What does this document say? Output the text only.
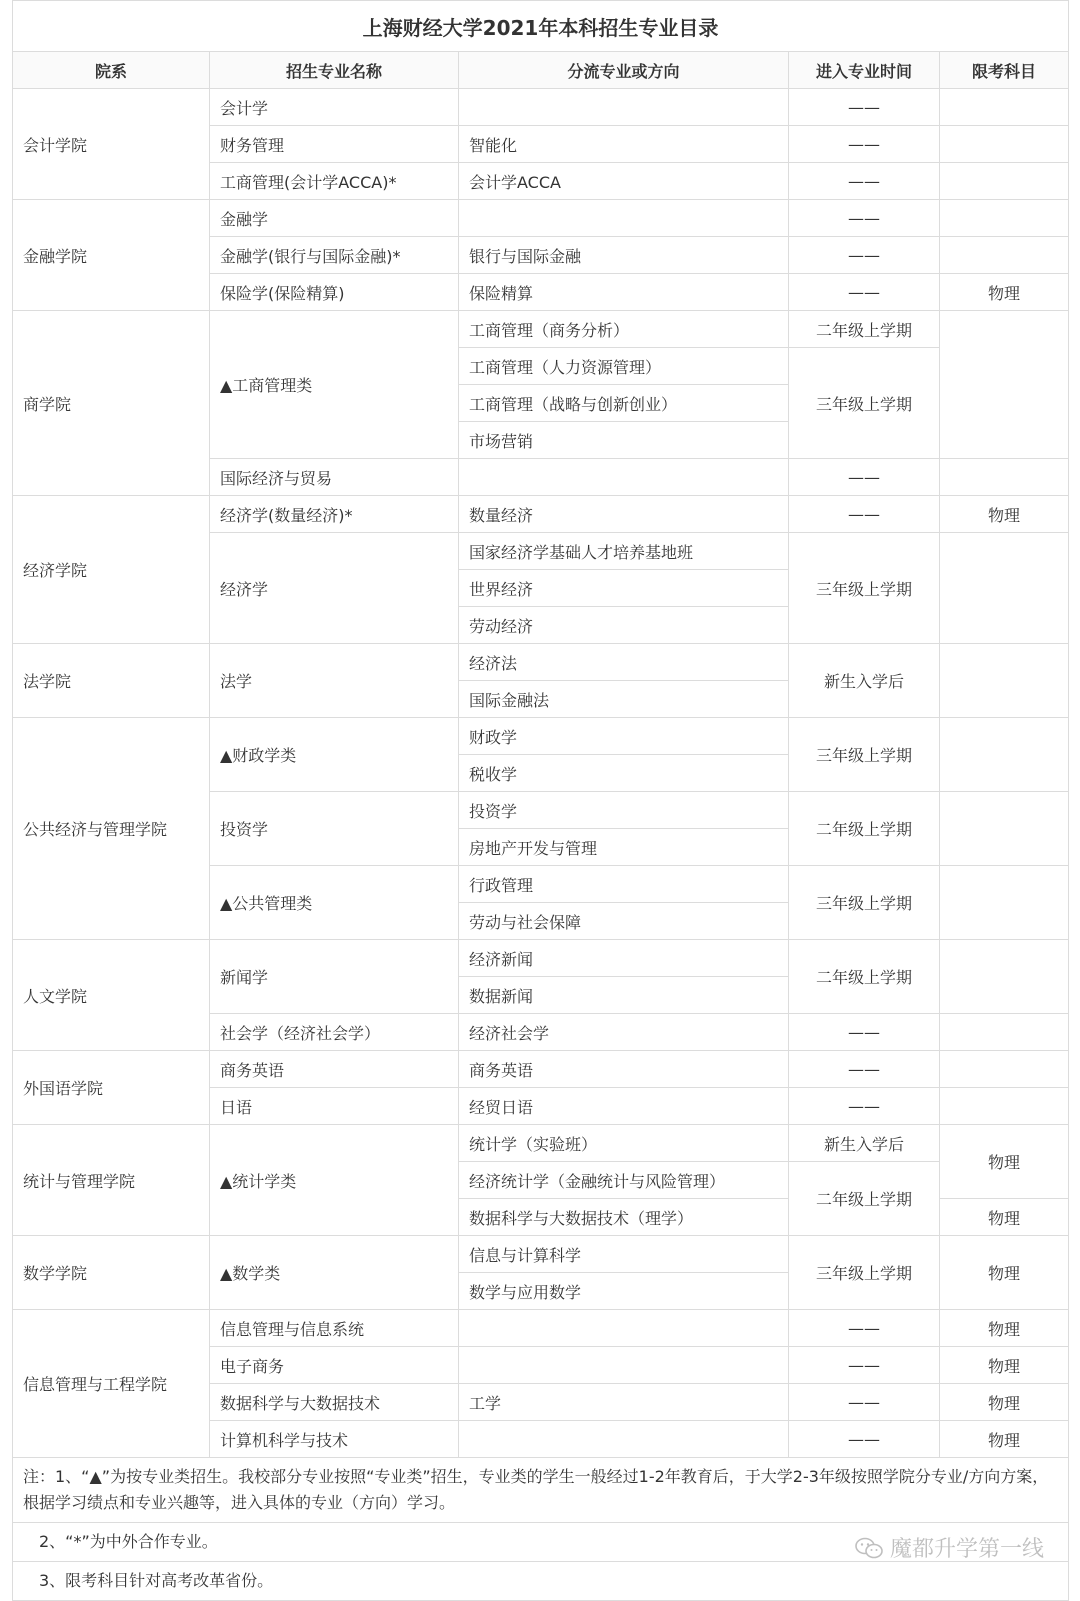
上海财经大学2021年本科招生专业目录				
院系	招生专业名称	分流专业或方向	进入专业时间	限考科目
会计学院	会计学		——	
	财务管理	智能化	——	
	工商管理(会计学ACCA)*	会计学ACCA	——	
金融学院	金融学		——	
	金融学(银行与国际金融)*	银行与国际金融	——	
	保险学(保险精算)	保险精算	——	物理
商学院	▲工商管理类	工商管理（商务分析）	二年级上学期	
		工商管理（人力资源管理）	三年级上学期	
		工商管理（战略与创新创业）		
		市场营销		
	国际经济与贸易		——	
经济学院	经济学(数量经济)*	数量经济	——	物理
	经济学	国家经济学基础人才培养基地班	三年级上学期	
		世界经济		
		劳动经济		
法学院	法学	经济法	新生入学后	
		国际金融法		
公共经济与管理学院	▲财政学类	财政学	三年级上学期	
		税收学		
	投资学	投资学	二年级上学期	
		房地产开发与管理		
	▲公共管理类	行政管理	三年级上学期	
		劳动与社会保障		
人文学院	新闻学	经济新闻	二年级上学期	
		数据新闻		
	社会学（经济社会学）	经济社会学	——	
外国语学院	商务英语	商务英语	——	
	日语	经贸日语	——	
统计与管理学院	▲统计学类	统计学（实验班）	新生入学后	物理
		经济统计学（金融统计与风险管理）	二年级上学期	
		数据科学与大数据技术（理学）		物理
数学学院	▲数学类	信息与计算科学	三年级上学期	物理
		数学与应用数学		
信息管理与工程学院	信息管理与信息系统		——	物理
	电子商务		——	物理
	数据科学与大数据技术	工学	——	物理
	计算机科学与技术		——	物理
注：1、“▲”为按专业类招生。我校部分专业按照“专业类”招生，专业类的学生一般经过1-2年教育后，于大学2-3年级按照学院分专业/方向方案，根据学习绩点和专业兴趣等，进入具体的专业（方向）学习。				
2、“*”为中外合作专业。				
3、限考科目针对高考改革省份。				
魔都升学第一线
